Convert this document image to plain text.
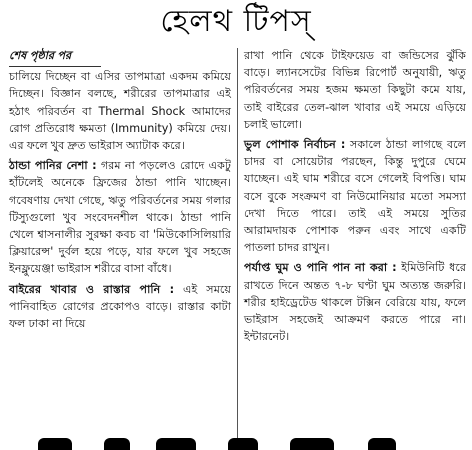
হেলথ টিপস্
শেষ পৃষ্ঠার পর

চালিয়ে দিচ্ছেন বা এসির তাপমাত্রা একদম কমিয়ে দিচ্ছেন। বিজ্ঞান বলছে, শরীরের তাপমাত্রার এই হঠাৎ পরিবর্তন বা Thermal Shock আমাদের রোগ প্রতিরোধ ক্ষমতা (Immunity) কমিয়ে দেয়। এর ফলে খুব দ্রুত ভাইরাস অ্যাটাক করে।

ঠান্ডা পানির নেশা : গরম না পড়লেও রোদে একটু হাঁটলেই অনেকে ফ্রিজের ঠান্ডা পানি খাচ্ছেন। গবেষণায় দেখা গেছে, ঋতু পরিবর্তনের সময় গলার টিস্যুগুলো খুব সংবেদনশীল থাকে। ঠান্ডা পানি খেলে শ্বাসনালীর সুরক্ষা কবচ বা 'মিউকোসিলিয়ারি ক্লিয়ারেন্স' দুর্বল হয়ে পড়ে, যার ফলে খুব সহজে ইনফ্লুয়েঞ্জা ভাইরাস শরীরে বাসা বাঁধে।

বাইরের খাবার ও রাস্তার পানি : এই সময়ে পানিবাহিত রোগের প্রকোপও বাড়ে। রাস্তার কাটা ফল ঢাকা না দিয়ে

রাখা পানি থেকে টাইফয়েড বা জন্ডিসের ঝুঁকি বাড়ে। ল্যানসেটের বিভিন্ন রিপোর্ট অনুযায়ী, ঋতু পরিবর্তনের সময় হজম ক্ষমতা কিছুটা কমে যায়, তাই বাইরের তেল-ঝাল খাবার এই সময়ে এড়িয়ে চলাই ভালো।

ভুল পোশাক নির্বাচন : সকালে ঠান্ডা লাগছে বলে চাদর বা সোয়েটার পরছেন, কিন্তু দুপুরে ঘেমে যাচ্ছেন। এই ঘাম শরীরে বসে গেলেই বিপত্তি। ঘাম বসে বুকে সংক্রমণ বা নিউমোনিয়ার মতো সমস্যা দেখা দিতে পারে। তাই এই সময়ে সুতির আরামদায়ক পোশাক পরুন এবং সাথে একটি পাতলা চাদর রাখুন।

পর্যাপ্ত ঘুম ও পানি পান না করা : ইমিউনিটি ধরে রাখতে দিনে অন্তত ৭-৮ ঘণ্টা ঘুম অত্যন্ত জরুরি। শরীর হাইড্রেটেড থাকলে টক্সিন বেরিয়ে যায়, ফলে ভাইরাস সহজেই আক্রমণ করতে পারে না। ইন্টারনেট।
